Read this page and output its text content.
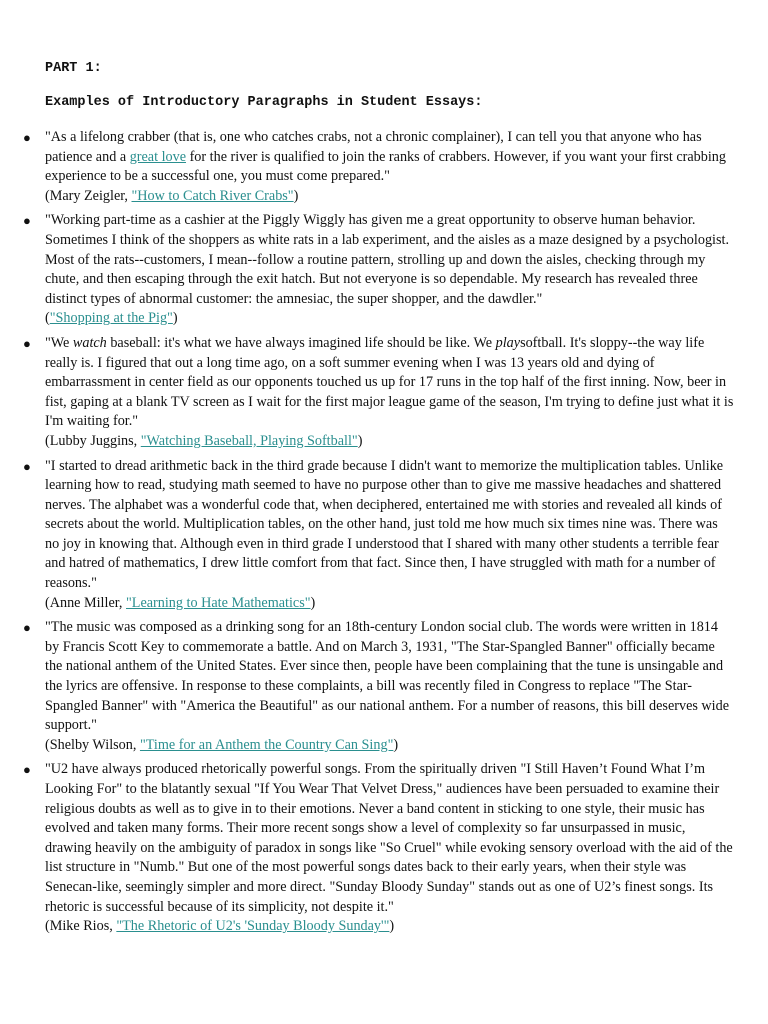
PART 1:
Examples of Introductory Paragraphs in Student Essays:
● "As a lifelong crabber (that is, one who catches crabs, not a chronic complainer), I can tell you that anyone who has patience and a great love for the river is qualified to join the ranks of crabbers. However, if you want your first crabbing experience to be a successful one, you must come prepared."
(Mary Zeigler, "How to Catch River Crabs")
● "Working part-time as a cashier at the Piggly Wiggly has given me a great opportunity to observe human behavior. Sometimes I think of the shoppers as white rats in a lab experiment, and the aisles as a maze designed by a psychologist. Most of the rats--customers, I mean--follow a routine pattern, strolling up and down the aisles, checking through my chute, and then escaping through the exit hatch. But not everyone is so dependable. My research has revealed three distinct types of abnormal customer: the amnesiac, the super shopper, and the dawdler."
("Shopping at the Pig")
● "We watch baseball: it's what we have always imagined life should be like. We playsoftball. It's sloppy--the way life really is. I figured that out a long time ago, on a soft summer evening when I was 13 years old and dying of embarrassment in center field as our opponents touched us up for 17 runs in the top half of the first inning. Now, beer in fist, gaping at a blank TV screen as I wait for the first major league game of the season, I'm trying to define just what it is I'm waiting for."
(Lubby Juggins, "Watching Baseball, Playing Softball")
● "I started to dread arithmetic back in the third grade because I didn't want to memorize the multiplication tables. Unlike learning how to read, studying math seemed to have no purpose other than to give me massive headaches and shattered nerves. The alphabet was a wonderful code that, when deciphered, entertained me with stories and revealed all kinds of secrets about the world. Multiplication tables, on the other hand, just told me how much six times nine was. There was no joy in knowing that. Although even in third grade I understood that I shared with many other students a terrible fear and hatred of mathematics, I drew little comfort from that fact. Since then, I have struggled with math for a number of reasons."
(Anne Miller, "Learning to Hate Mathematics")
● "The music was composed as a drinking song for an 18th-century London social club. The words were written in 1814 by Francis Scott Key to commemorate a battle. And on March 3, 1931, "The Star-Spangled Banner" officially became the national anthem of the United States. Ever since then, people have been complaining that the tune is unsingable and the lyrics are offensive. In response to these complaints, a bill was recently filed in Congress to replace "The Star-Spangled Banner" with "America the Beautiful" as our national anthem. For a number of reasons, this bill deserves wide support."
(Shelby Wilson, "Time for an Anthem the Country Can Sing")
● "U2 have always produced rhetorically powerful songs. From the spiritually driven "I Still Haven’t Found What I’m Looking For" to the blatantly sexual "If You Wear That Velvet Dress," audiences have been persuaded to examine their religious doubts as well as to give in to their emotions. Never a band content in sticking to one style, their music has evolved and taken many forms. Their more recent songs show a level of complexity so far unsurpassed in music, drawing heavily on the ambiguity of paradox in songs like "So Cruel" while evoking sensory overload with the aid of the list structure in "Numb." But one of the most powerful songs dates back to their early years, when their style was Senecan-like, seemingly simpler and more direct. "Sunday Bloody Sunday" stands out as one of U2’s finest songs. Its rhetoric is successful because of its simplicity, not despite it."
(Mike Rios, "The Rhetoric of U2's 'Sunday Bloody Sunday'")
